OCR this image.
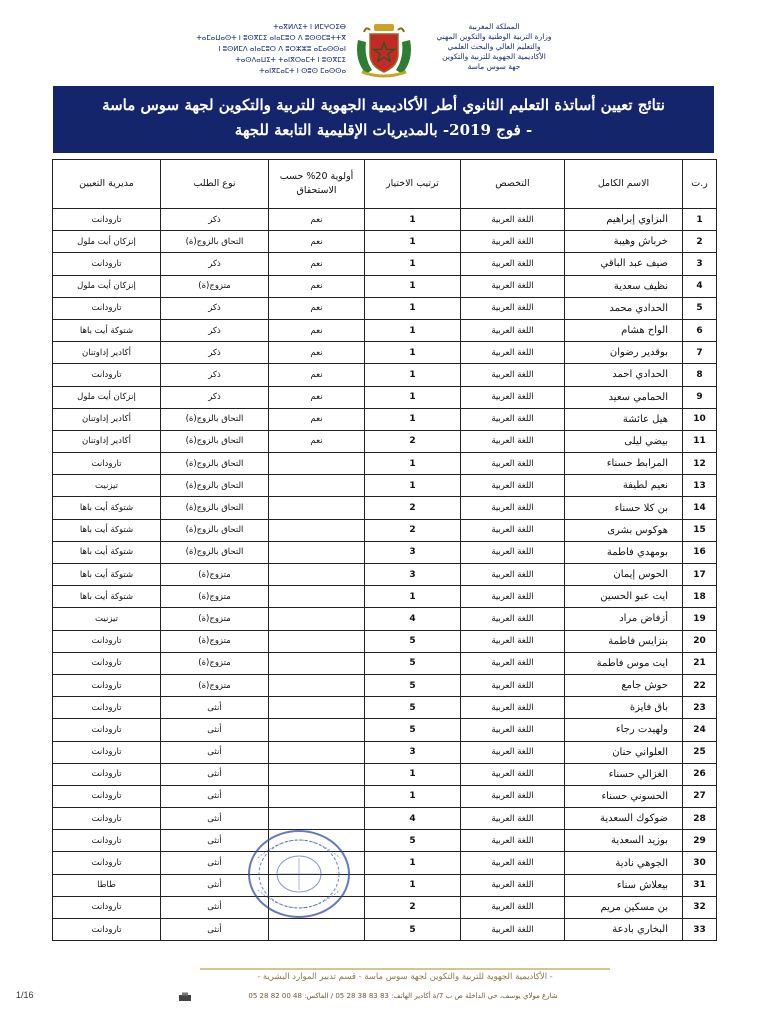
ⵜⴰⴳⵍⴷⵉⵜ ⵏ ⵍⵎⵖⵔⵉⴱ
ⵜⴰⵎⴰⵡⴰⵙⵜ ⵏ ⵓⵙⴳⵎⵉ ⴰⵏⴰⵎⵓⵔ ⴷ ⵓⵙⵙⵎⵓⵜⵜⴳ
ⵏ ⵓⵙⵍⵎⴷ ⴰⵏⴰⵎⵓⵔ ⴷ ⵓⵔⵣⵣⵓ ⴰⵎⴰⵙⵙⴰⵏ
ⵜⴰⵙⴷⴰⵡⵉⵜ ⵜⴰⵏⴳⵔⴰⵎⵜ ⵏ ⵓⵙⴳⵎⵉ
ⵜⴰⵏⴳⵎⴰⵎⵜ ⵏ ⵙⵓⵙ ⵎⴰⵙⵙⴰ
المملكة المغربية
وزارة التربية الوطنية والتكوين المهني
والتعليم العالي والبحث العلمي
الأكاديمية الجهوية للتربية والتكوين
جهة سوس ماسة
نتائج تعيين أساتذة التعليم الثانوي أطر الأكاديمية الجهوية للتربية والتكوين لجهة سوس ماسة
- فوج 2019- بالمديريات الإقليمية التابعة للجهة
ر.ت	الاسم الكامل	التخصص	ترتيب الاختيار	أولوية 20% حسب الاستحقاق	نوع الطلب	مديرية التعيين
1	البزاوي إبراهيم	اللغة العربية	1	نعم	ذكر	تارودانت
2	خرباش وهيبة	اللغة العربية	1	نعم	التحاق بالزوج(ة)	إنزكان أيت ملول
3	صيف عبد الباقي	اللغة العربية	1	نعم	ذكر	تارودانت
4	نظيف سعدية	اللغة العربية	1	نعم	متزوج(ة)	إنزكان أيت ملول
5	الحدادي محمد	اللغة العربية	1	نعم	ذكر	تارودانت
6	الواح هشام	اللغة العربية	1	نعم	ذكر	شتوكة أيت باها
7	بوقدير رضوان	اللغة العربية	1	نعم	ذكر	أكادير إداوتنان
8	الحدادي احمد	اللغة العربية	1	نعم	ذكر	تارودانت
9	الحمامي سعيد	اللغة العربية	1	نعم	ذكر	إنزكان أيت ملول
10	هيل عائشة	اللغة العربية	1	نعم	التحاق بالزوج(ة)	أكادير إداوتنان
11	بيضي ليلى	اللغة العربية	2	نعم	التحاق بالزوج(ة)	أكادير إداوتنان
12	المرابط حسناء	اللغة العربية	1		التحاق بالزوج(ة)	تارودانت
13	نعيم لطيفة	اللغة العربية	1		التحاق بالزوج(ة)	تيزنيت
14	بن كلا حسناء	اللغة العربية	2		التحاق بالزوج(ة)	شتوكة أيت باها
15	هوكوس بشرى	اللغة العربية	2		التحاق بالزوج(ة)	شتوكة أيت باها
16	بومهدي فاطمة	اللغة العربية	3		التحاق بالزوج(ة)	شتوكة أيت باها
17	الحوس إيمان	اللغة العربية	3		متزوج(ة)	شتوكة أيت باها
18	ايت عبو الحسين	اللغة العربية	1		متزوج(ة)	شتوكة أيت باها
19	أزفاض مراد	اللغة العربية	4		متزوج(ة)	تيزنيت
20	بنزايس فاطمة	اللغة العربية	5		متزوج(ة)	تارودانت
21	ايت موس فاطمة	اللغة العربية	5		متزوج(ة)	تارودانت
22	حوش جامع	اللغة العربية	5		متزوج(ة)	تارودانت
23	باق فايزة	اللغة العربية	5		أنثى	تارودانت
24	ولهيدت رجاء	اللغة العربية	5		أنثى	تارودانت
25	العلواني حنان	اللغة العربية	3		أنثى	تارودانت
26	الغزالي حسناء	اللغة العربية	1		أنثى	تارودانت
27	الحسوني حسناء	اللغة العربية	1		أنثى	تارودانت
28	ضوكوك السعدية	اللغة العربية	4		أنثى	تارودانت
29	بوزيد السعدية	اللغة العربية	5		أنثى	تارودانت
30	الجوهي نادية	اللغة العربية	1		أنثى	تارودانت
31	بيعلاش سناء	اللغة العربية	1		أنثى	طاطا
32	بن مسكين مريم	اللغة العربية	2		أنثى	تارودانت
33	البخاري بادعة	اللغة العربية	5		أنثى	تارودانت
- الأكاديمية الجهوية للتربية والتكوين لجهة سوس ماسة - قسم تدبير الموارد البشرية -
شارع مولاي يوسف، حي الداخلة ص ب 7/ة أكادير الهاتف: 83 83 38 28 05 / الفاكس: 48 00 82 28 05
1/16
